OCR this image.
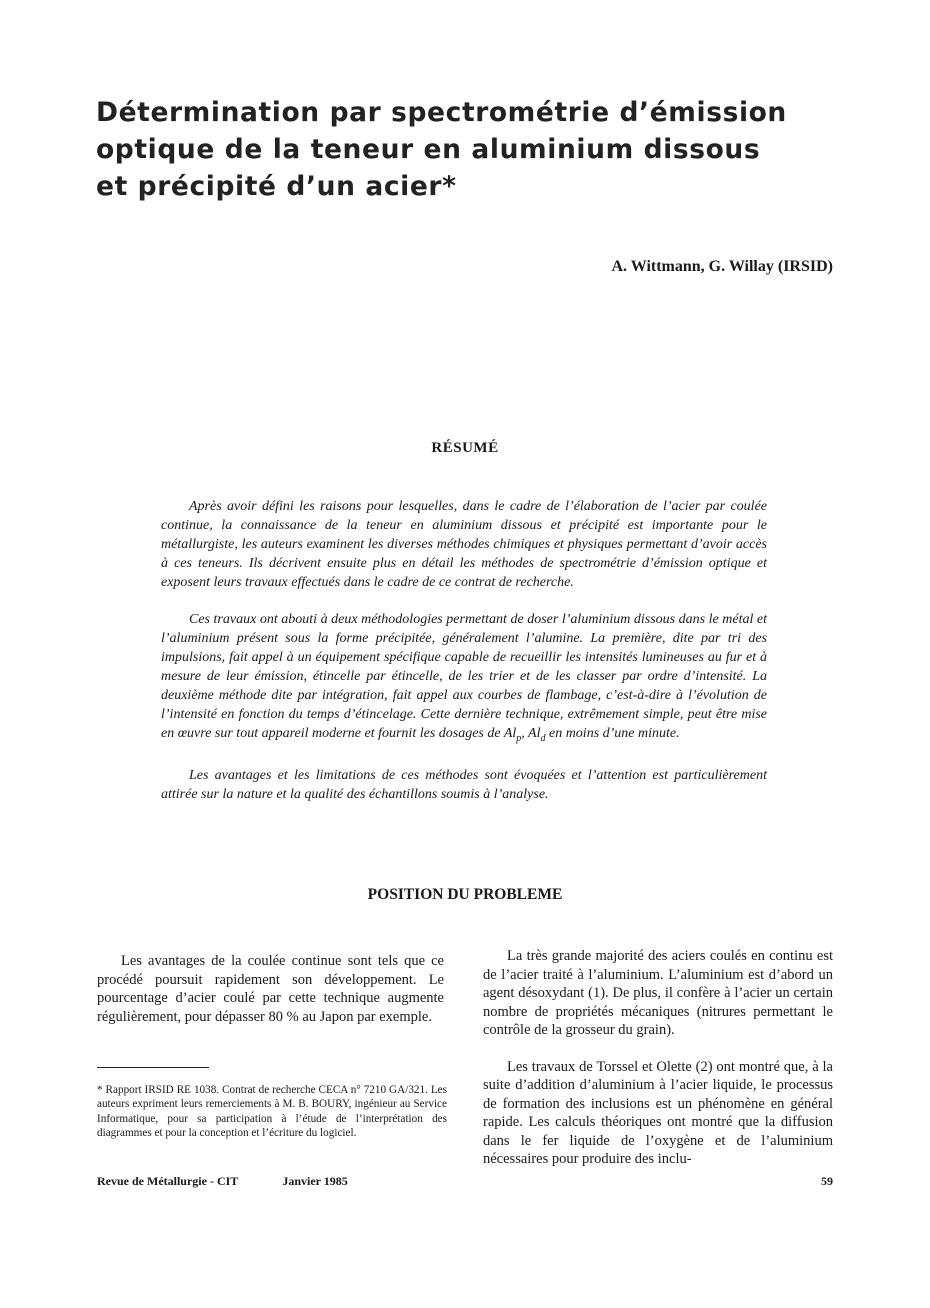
Détermination par spectrométrie d’émission
optique de la teneur en aluminium dissous
et précipité d’un acier*
A. Wittmann, G. Willay (IRSID)
RÉSUMÉ

Après avoir défini les raisons pour lesquelles, dans le cadre de l’élaboration de l’acier par coulée continue, la connaissance de la teneur en aluminium dissous et précipité est importante pour le métallurgiste, les auteurs examinent les diverses méthodes chimiques et physiques permettant d’avoir accès à ces teneurs. Ils décrivent ensuite plus en détail les méthodes de spectrométrie d’émission optique et exposent leurs travaux effectués dans le cadre de ce contrat de recherche.

Ces travaux ont abouti à deux méthodologies permettant de doser l’aluminium dissous dans le métal et l’aluminium présent sous la forme précipitée, généralement l’alumine. La première, dite par tri des impulsions, fait appel à un équipement spécifique capable de recueillir les intensités lumineuses au fur et à mesure de leur émission, étincelle par étincelle, de les trier et de les classer par ordre d’intensité. La deuxième méthode dite par intégration, fait appel aux courbes de flambage, c’est-à-dire à l’évolution de l’intensité en fonction du temps d’étincelage. Cette dernière technique, extrêmement simple, peut être mise en œuvre sur tout appareil moderne et fournit les dosages de $Al_p$, $Al_d$ en moins d’une minute.

Les avantages et les limitations de ces méthodes sont évoquées et l’attention est particulièrement attirée sur la nature et la qualité des échantillons soumis à l’analyse.

POSITION DU PROBLEME

Les avantages de la coulée continue sont tels que ce procédé poursuit rapidement son développement. Le pourcentage d’acier coulé par cette technique augmente régulièrement, pour dépasser 80 % au Japon par exemple.

* Rapport IRSID RE 1038. Contrat de recherche CECA n° 7210 GA/321. Les auteurs expriment leurs remerciements à M. B. BOURY, ingénieur au Service Informatique, pour sa participation à l’étude de l’interprétation des diagrammes et pour la conception et l’écriture du logiciel.

La très grande majorité des aciers coulés en continu est de l’acier traité à l’aluminium. L’aluminium est d’abord un agent désoxydant (1). De plus, il confère à l’acier un certain nombre de propriétés mécaniques (nitrures permettant le contrôle de la grosseur du grain).

Les travaux de Torssel et Olette (2) ont montré que, à la suite d’addition d’aluminium à l’acier liquide, le processus de formation des inclusions est un phénomène en général rapide. Les calculs théoriques ont montré que la diffusion dans le fer liquide de l’oxygène et de l’aluminium nécessaires pour produire des inclu-

Revue de Métallurgie - CIT	Janvier 1985	59
